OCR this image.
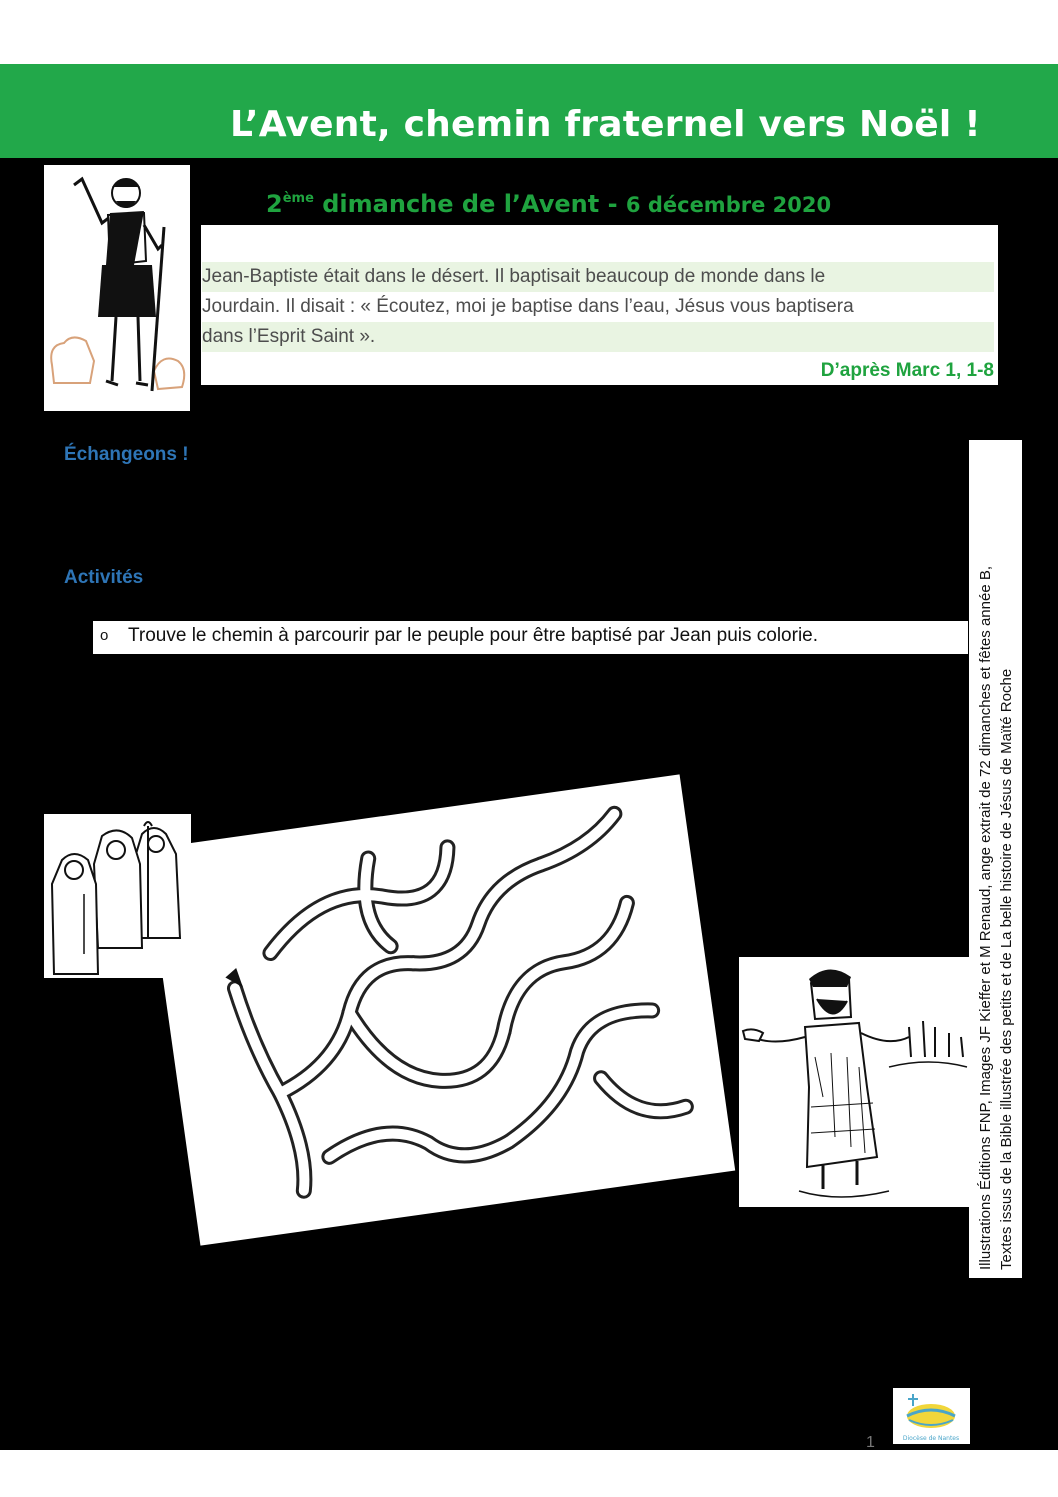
L’Avent, chemin fraternel vers Noël !
2ème dimanche de l’Avent - 6 décembre 2020
Jean-Baptiste était dans le désert. Il baptisait beaucoup de monde dans le
Jourdain. Il disait : « Écoutez, moi je baptise dans l’eau, Jésus vous baptisera
dans l’Esprit Saint ».
D’après Marc 1, 1-8
Échangeons !
Activités
o Trouve le chemin à parcourir par le peuple pour être baptisé par Jean puis colorie.	Illustrations Éditions FNP, Images JF Kieffer et M Renaud, ange extrait de 72 dimanches et fêtes année B, Textes issus de la Bible illustrée des petits et de La belle histoire de Jésus de Maïté Roche
Diocèse de Nantes
1
